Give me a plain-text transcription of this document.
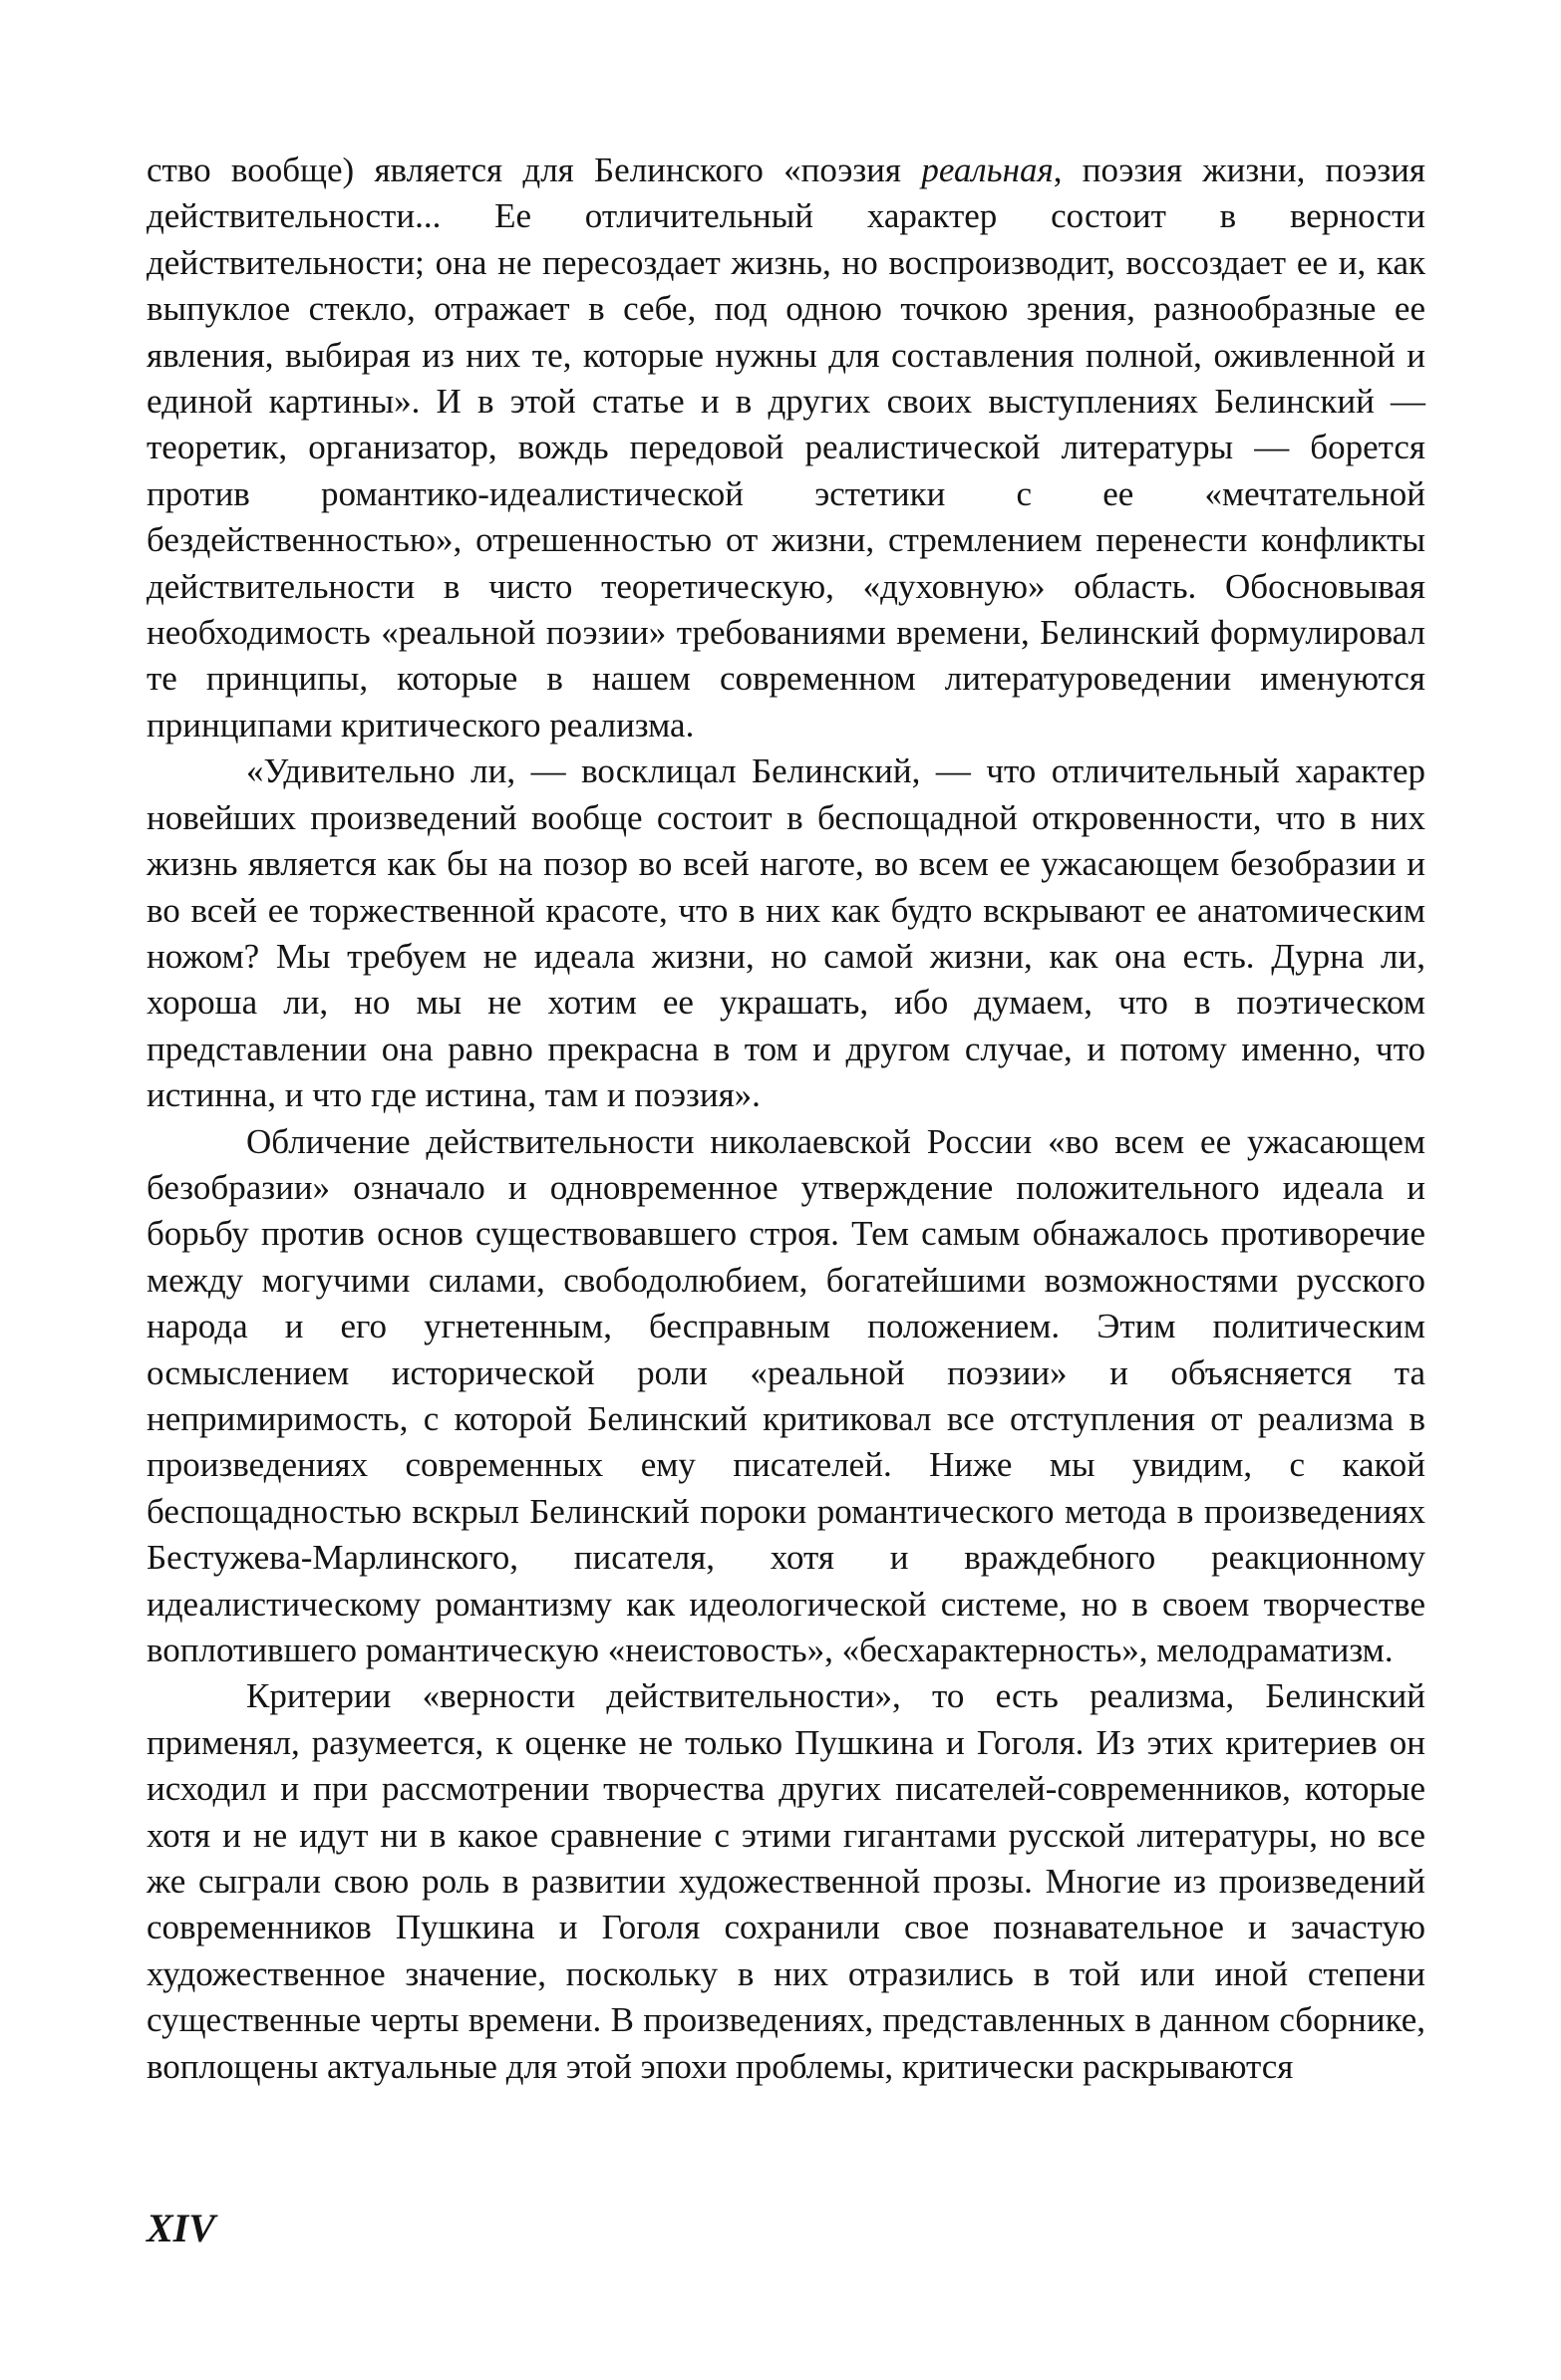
ство вообще) является для Белинского «поэзия реальная, поэзия жизни, поэзия действительности... Ее отличительный характер состоит в верности действительности; она не пересоздает жизнь, но воспроизводит, воссоздает ее и, как выпуклое стекло, отражает в себе, под одною точкою зрения, разнообразные ее явления, выбирая из них те, которые нужны для составления полной, оживленной и единой картины». И в этой статье и в других своих выступлениях Белинский — теоретик, организатор, вождь передовой реалистической литературы — борется против романтико-идеалистической эстетики с ее «мечтательной бездейственностью», отрешенностью от жизни, стремлением перенести конфликты действительности в чисто теоретическую, «духовную» область. Обосновывая необходимость «реальной поэзии» требованиями времени, Белинский формулировал те принципы, которые в нашем современном литературоведении именуются принципами критического реализма.

«Удивительно ли, — восклицал Белинский, — что отличительный характер новейших произведений вообще состоит в беспощадной откровенности, что в них жизнь является как бы на позор во всей наготе, во всем ее ужасающем безобразии и во всей ее торжественной красоте, что в них как будто вскрывают ее анатомическим ножом? Мы требуем не идеала жизни, но самой жизни, как она есть. Дурна ли, хороша ли, но мы не хотим ее украшать, ибо думаем, что в поэтическом представлении она равно прекрасна в том и другом случае, и потому именно, что истинна, и что где истина, там и поэзия».

Обличение действительности николаевской России «во всем ее ужасающем безобразии» означало и одновременное утверждение положительного идеала и борьбу против основ существовавшего строя. Тем самым обнажалось противоречие между могучими силами, свободолюбием, богатейшими возможностями русского народа и его угнетенным, бесправным положением. Этим политическим осмыслением исторической роли «реальной поэзии» и объясняется та непримиримость, с которой Белинский критиковал все отступления от реализма в произведениях современных ему писателей. Ниже мы увидим, с какой беспощадностью вскрыл Белинский пороки романтического метода в произведениях Бестужева-Марлинского, писателя, хотя и враждебного реакционному идеалистическому романтизму как идеологической системе, но в своем творчестве воплотившего романтическую «неистовость», «бесхарактерность», мелодраматизм.

Критерии «верности действительности», то есть реализма, Белинский применял, разумеется, к оценке не только Пушкина и Гоголя. Из этих критериев он исходил и при рассмотрении творчества других писателей-современников, которые хотя и не идут ни в какое сравнение с этими гигантами русской литературы, но все же сыграли свою роль в развитии художественной прозы. Многие из произведений современников Пушкина и Гоголя сохранили свое познавательное и зачастую художественное значение, поскольку в них отразились в той или иной степени существенные черты времени. В произведениях, представленных в данном сборнике, воплощены актуальные для этой эпохи проблемы, критически раскрываются

XIV
